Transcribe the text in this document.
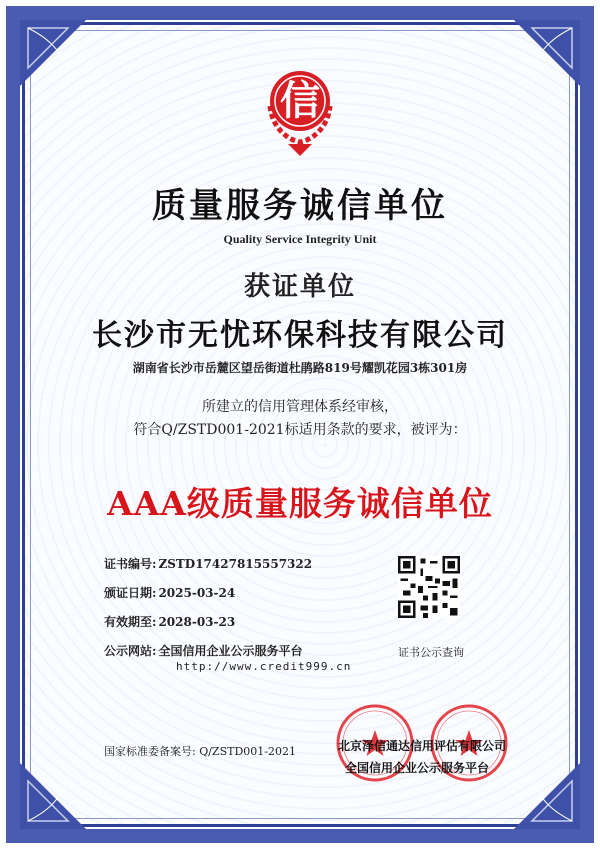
信
质量服务诚信单位
Quality Service Integrity Unit
获证单位
长沙市无忧环保科技有限公司
湖南省长沙市岳麓区望岳街道杜鹃路819号耀凯花园3栋301房
所建立的信用管理体系经审核，
符合Q/ZSTD001-2021标适用条款的要求，被评为：
AAA级质量服务诚信单位
证书编号: ZSTD17427815557322
颁证日期: 2025-03-24
有效期至: 2028-03-23
公示网站: 全国信用企业公示服务平台
http://www.credit999.cn
证书公示查询
国家标准委备案号: Q/ZSTD001-2021	北京泽信通达信用评估有限公司
全国信用企业公示服务平台
